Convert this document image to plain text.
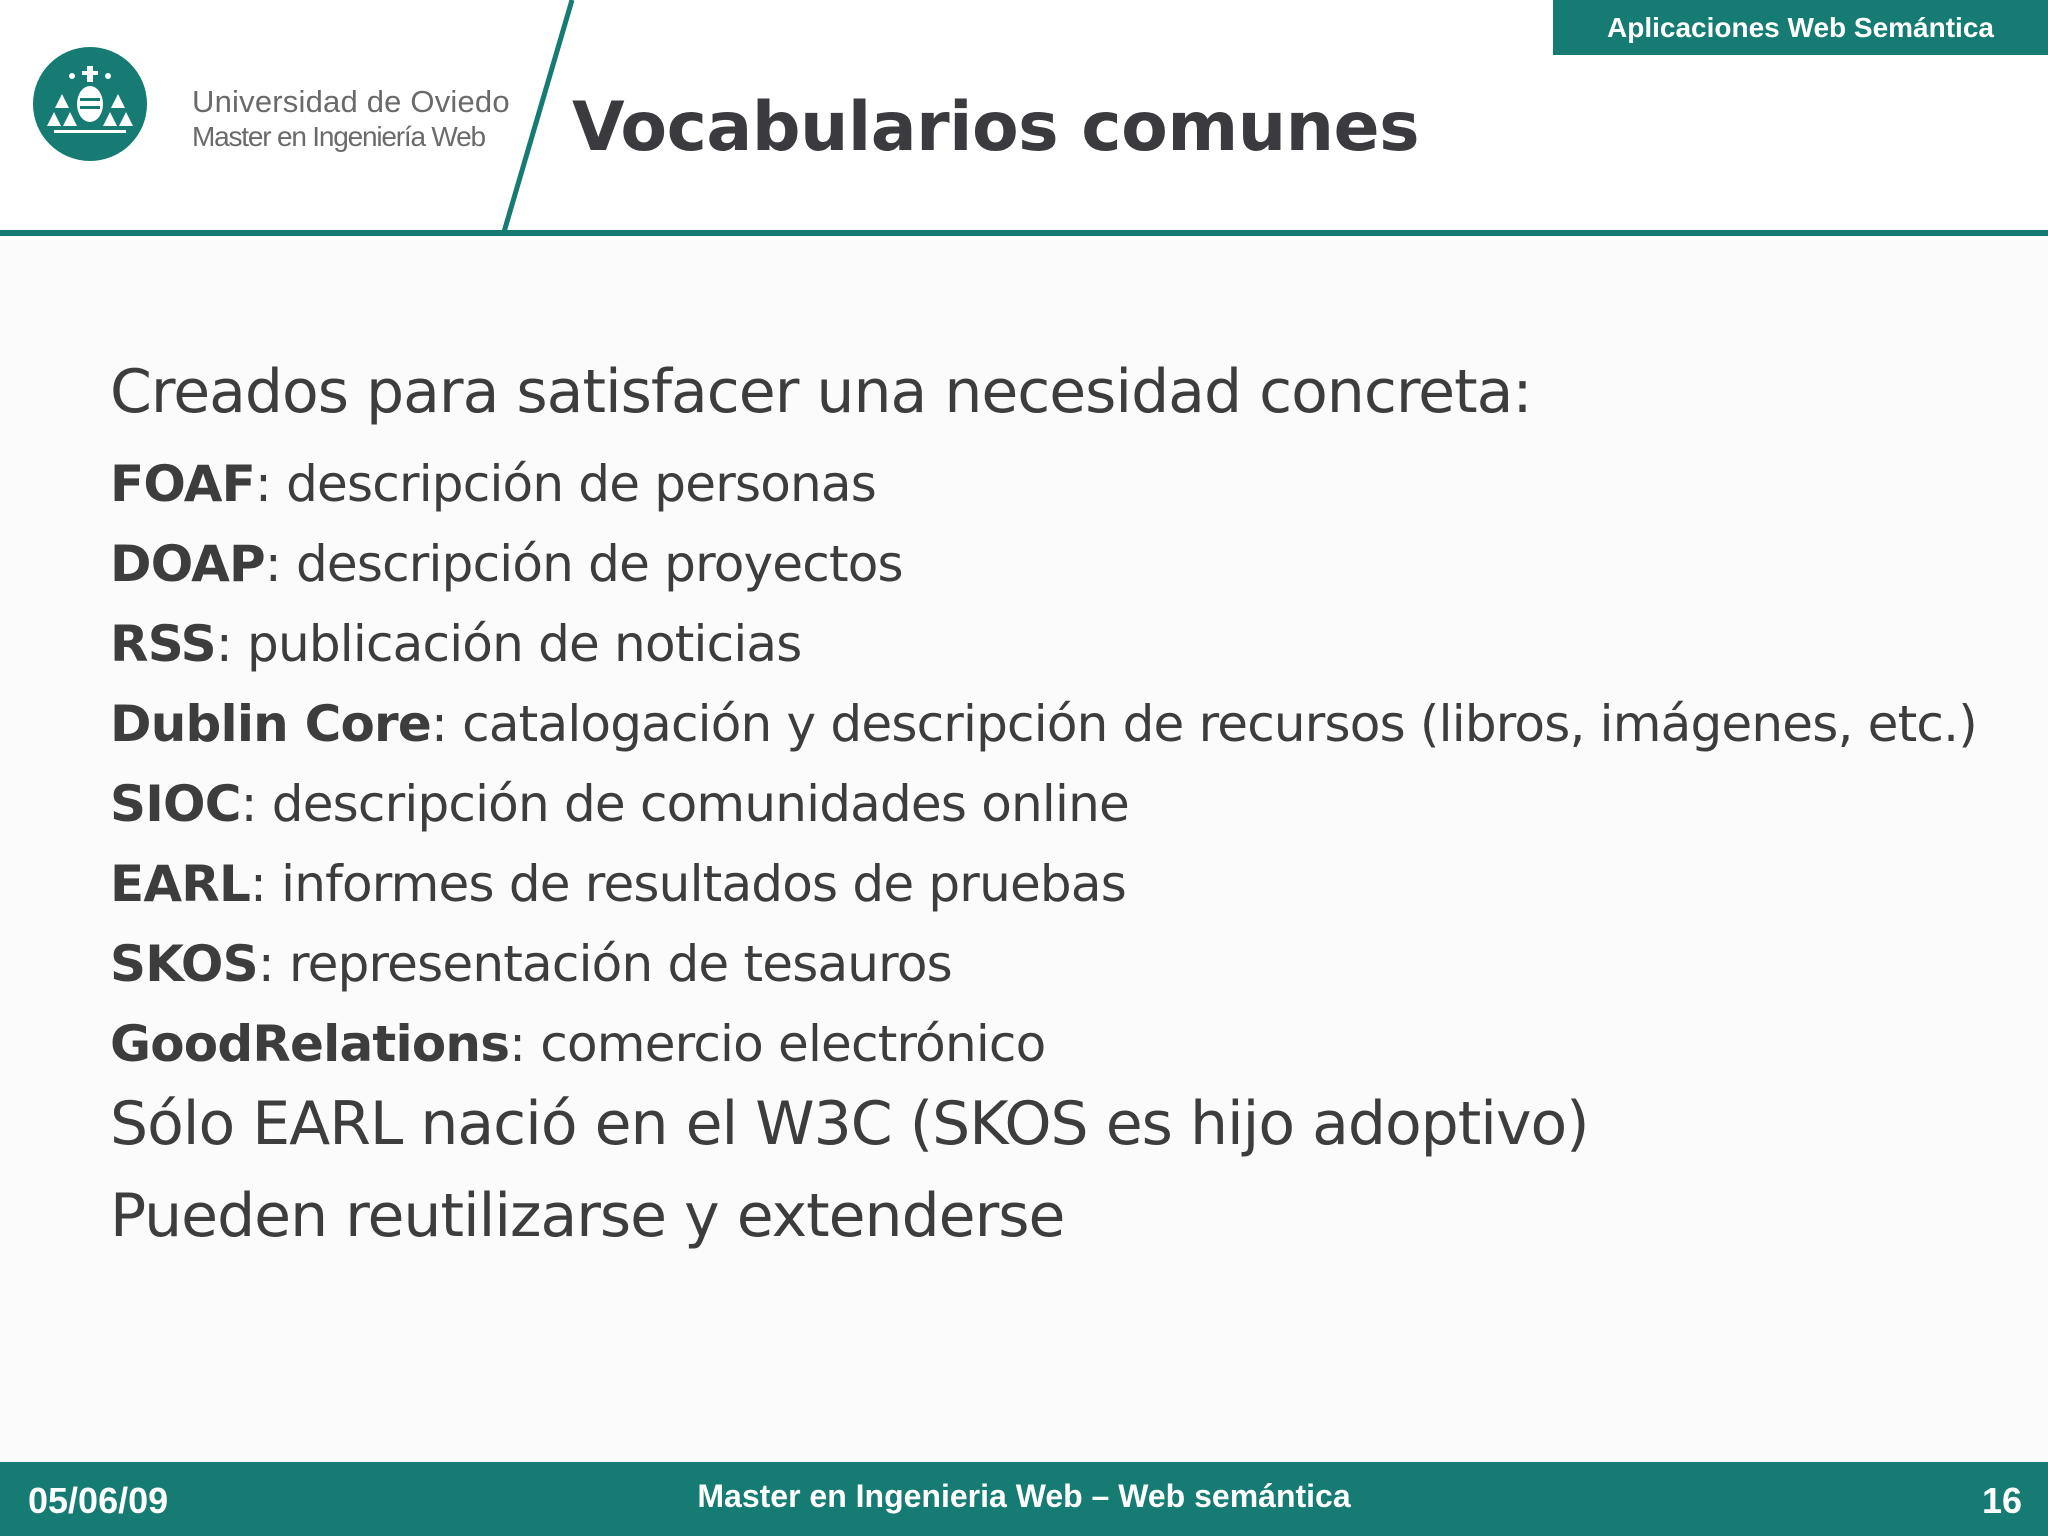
Aplicaciones Web Semántica
Universidad de Oviedo
Master en Ingeniería Web	Vocabularios comunes

Creados para satisfacer una necesidad concreta:

FOAF: descripción de personas
DOAP: descripción de proyectos
RSS: publicación de noticias
Dublin Core: catalogación y descripción de recursos (libros, imágenes, etc.)
SIOC: descripción de comunidades online
EARL: informes de resultados de pruebas
SKOS: representación de tesauros
GoodRelations: comercio electrónico

Sólo EARL nació en el W3C (SKOS es hijo adoptivo)

Pueden reutilizarse y extenderse

Master en Ingenieria Web – Web semántica
05/06/09	16
